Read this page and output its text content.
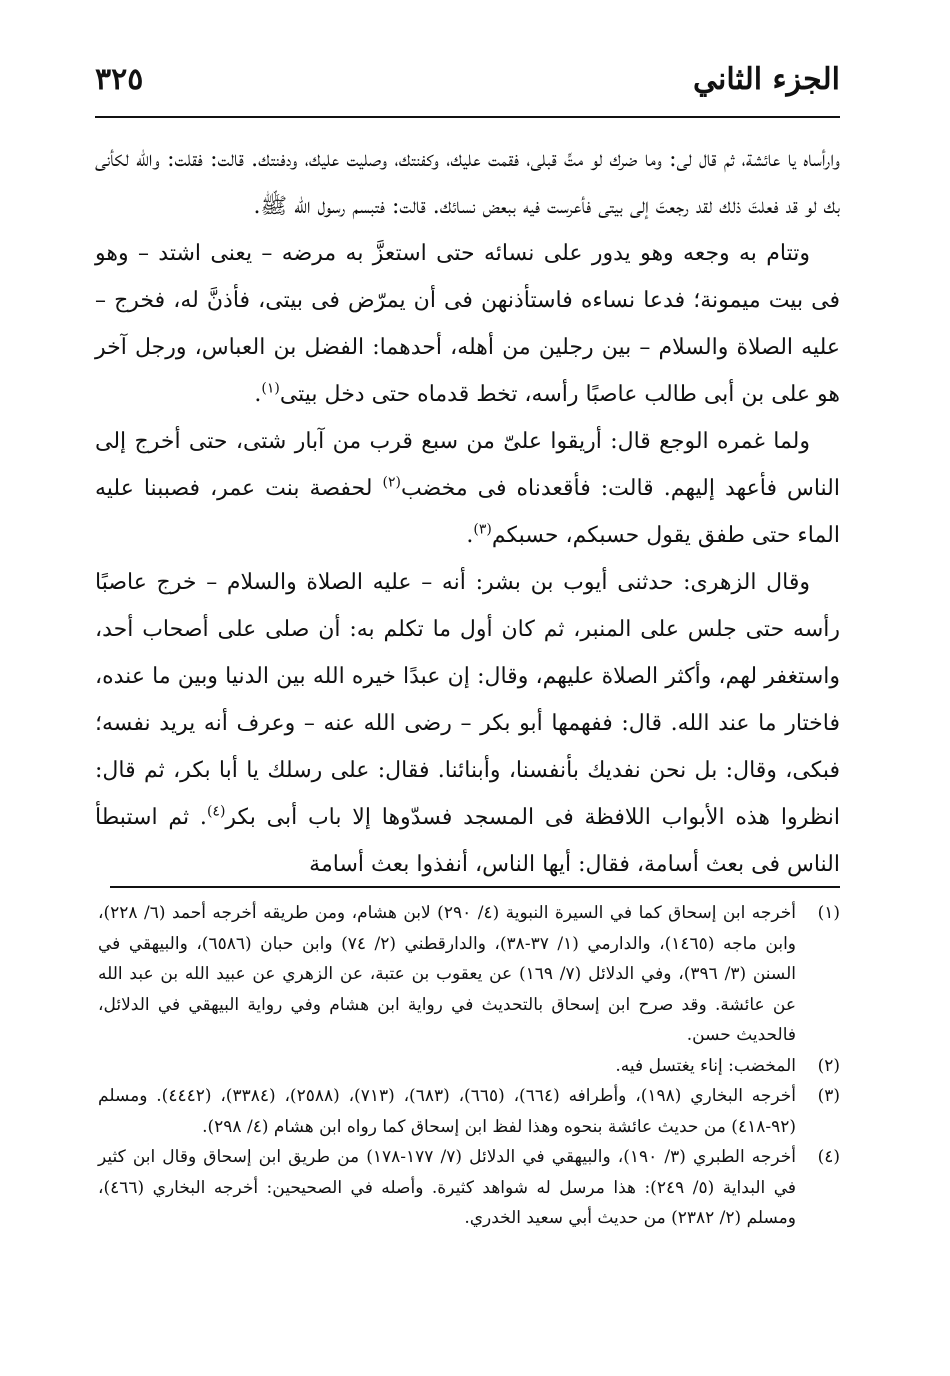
الجزء الثاني
٣٢٥

وارأساه يا عائشة، ثم قال لى: وما ضرك لو متِّ قبلى، فقمت عليك، وكفنتك، وصليت عليك، ودفنتك. قالت: فقلت: والله لكأنى بك لو قد فعلتَ ذلك لقد رجعتَ إلى بيتى فأعرست فيه ببعض نسائك. قالت: فتبسم رسول الله ﷺ.

وتتام به وجعه وهو يدور على نسائه حتى استعزَّ به مرضه – يعنى اشتد – وهو فى بيت ميمونة؛ فدعا نساءه فاستأذنهن فى أن يمرّض فى بيتى، فأذنَّ له، فخرج – عليه الصلاة والسلام – بين رجلين من أهله، أحدهما: الفضل بن العباس، ورجل آخر هو على بن أبى طالب عاصبًا رأسه، تخط قدماه حتى دخل بيتى$^{(١)}$.

ولما غمره الوجع قال: أريقوا علىّ من سبع قرب من آبار شتى، حتى أخرج إلى الناس فأعهد إليهم. قالت: فأقعدناه فى مخضب$^{(٢)}$ لحفصة بنت عمر، فصببنا عليه الماء حتى طفق يقول حسبكم، حسبكم$^{(٣)}$.

وقال الزهرى: حدثنى أيوب بن بشر: أنه – عليه الصلاة والسلام – خرج عاصبًا رأسه حتى جلس على المنبر، ثم كان أول ما تكلم به: أن صلى على أصحاب أحد، واستغفر لهم، وأكثر الصلاة عليهم، وقال: إن عبدًا خيره الله بين الدنيا وبين ما عنده، فاختار ما عند الله. قال: ففهمها أبو بكر – رضى الله عنه – وعرف أنه يريد نفسه؛ فبكى، وقال: بل نحن نفديك بأنفسنا، وأبنائنا. فقال: على رسلك يا أبا بكر، ثم قال: انظروا هذه الأبواب اللافظة فى المسجد فسدّوها إلا باب أبى بكر$^{(٤)}$. ثم استبطأ الناس فى بعث أسامة، فقال: أيها الناس، أنفذوا بعث أسامة

(١)
أخرجه ابن إسحاق كما في السيرة النبوية (٤/ ٢٩٠) لابن هشام، ومن طريقه أخرجه أحمد (٦/ ٢٢٨)، وابن ماجه (١٤٦٥)، والدارمي (١/ ٣٧-٣٨)، والدارقطني (٢/ ٧٤) وابن حبان (٦٥٨٦)، والبيهقي في السنن (٣/ ٣٩٦)، وفي الدلائل (٧/ ١٦٩) عن يعقوب بن عتبة، عن الزهري عن عبيد الله بن عبد الله عن عائشة. وقد صرح ابن إسحاق بالتحديث في رواية ابن هشام وفي رواية البيهقي في الدلائل، فالحديث حسن.
(٢)
المخضب: إناء يغتسل فيه.
(٣)
أخرجه البخاري (١٩٨)، وأطرافه (٦٦٤)، (٦٦٥)، (٦٨٣)، (٧١٣)، (٢٥٨٨)، (٣٣٨٤)، (٤٤٤٢). ومسلم (٩٢-٤١٨) من حديث عائشة بنحوه وهذا لفظ ابن إسحاق كما رواه ابن هشام (٤/ ٢٩٨).
(٤)
أخرجه الطبري (٣/ ١٩٠)، والبيهقي في الدلائل (٧/ ١٧٧-١٧٨) من طريق ابن إسحاق وقال ابن كثير في البداية (٥/ ٢٤٩): هذا مرسل له شواهد كثيرة. وأصله في الصحيحين: أخرجه البخاري (٤٦٦)، ومسلم (٢/ ٢٣٨٢) من حديث أبي سعيد الخدري.
